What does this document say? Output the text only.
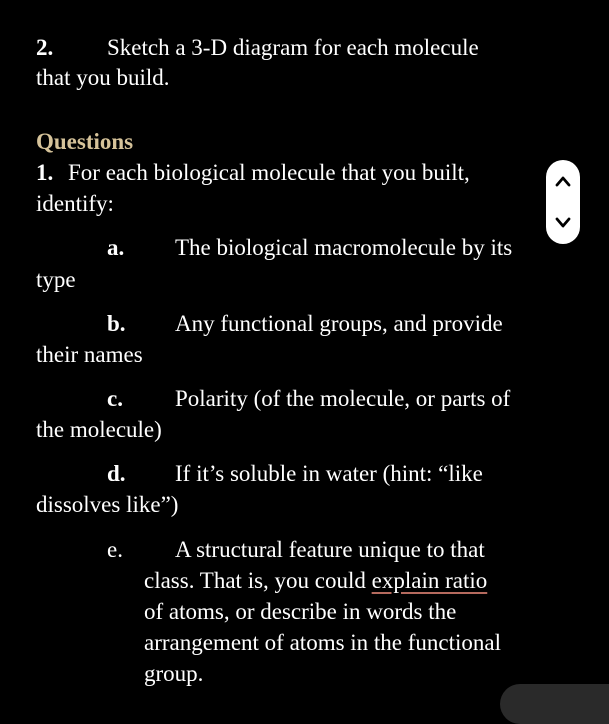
2. Sketch a 3-D diagram for each molecule
that you build.
Questions
1. For each biological molecule that you built,
identify:
a. The biological macromolecule by its
type
b. Any functional groups, and provide
their names
c. Polarity (of the molecule, or parts of
the molecule)
d. If it’s soluble in water (hint: “like
dissolves like”)
e. A structural feature unique to that
class. That is, you could explain ratio
of atoms, or describe in words the
arrangement of atoms in the functional
group.
